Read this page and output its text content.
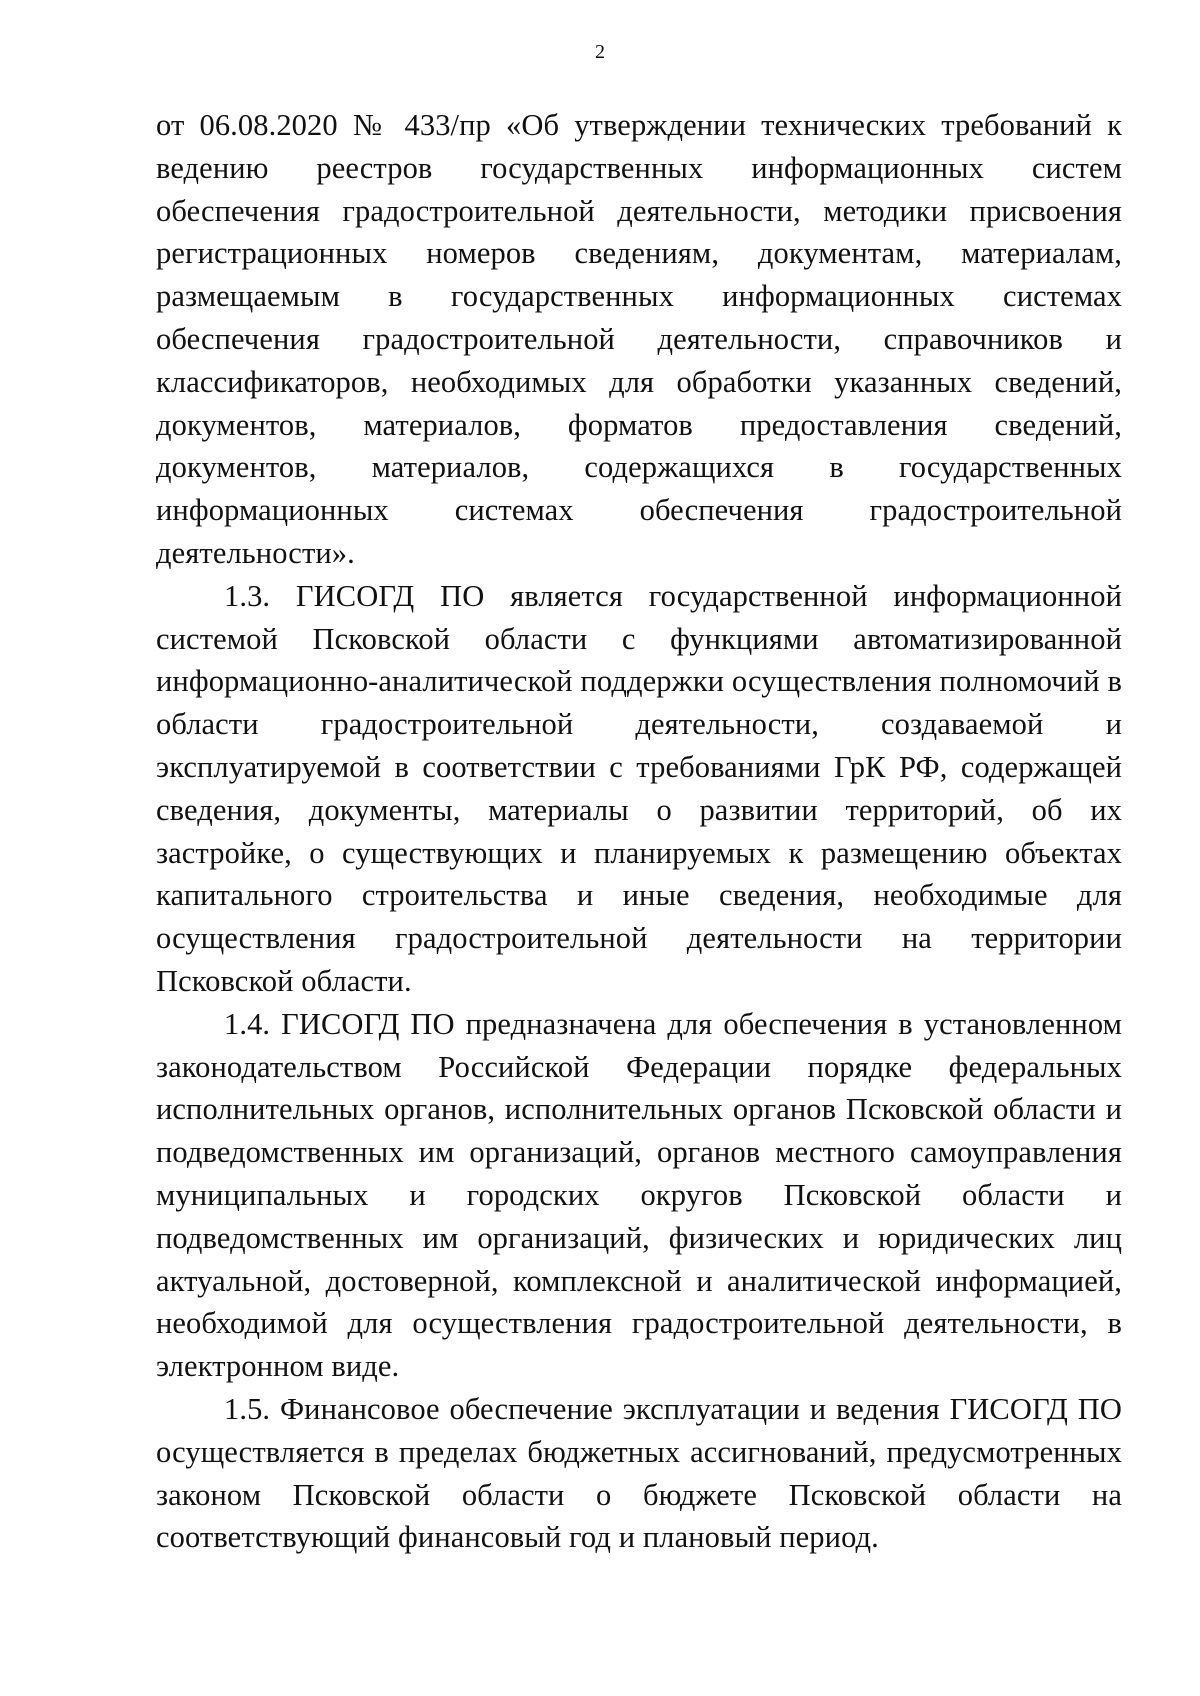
2

от 06.08.2020 № 433/пр «Об утверждении технических требований к ведению реестров государственных информационных систем обеспечения градостроительной деятельности, методики присвоения регистрационных номеров сведениям, документам, материалам, размещаемым в государственных информационных системах обеспечения градостроительной деятельности, справочников и классификаторов, необходимых для обработки указанных сведений, документов, материалов, форматов предоставления сведений, документов, материалов, содержащихся в государственных информационных системах обеспечения градостроительной деятельности».

1.3. ГИСОГД ПО является государственной информационной системой Псковской области с функциями автоматизированной информационно-аналитической поддержки осуществления полномочий в области градостроительной деятельности, создаваемой и эксплуатируемой в соответствии с требованиями ГрК РФ, содержащей сведения, документы, материалы о развитии территорий, об их застройке, о существующих и планируемых к размещению объектах капитального строительства и иные сведения, необходимые для осуществления градостроительной деятельности на территории Псковской области.

1.4. ГИСОГД ПО предназначена для обеспечения в установленном законодательством Российской Федерации порядке федеральных исполнительных органов, исполнительных органов Псковской области и подведомственных им организаций, органов местного самоуправления муниципальных и городских округов Псковской области и подведомственных им организаций, физических и юридических лиц актуальной, достоверной, комплексной и аналитической информацией, необходимой для осуществления градостроительной деятельности, в электронном виде.

1.5. Финансовое обеспечение эксплуатации и ведения ГИСОГД ПО осуществляется в пределах бюджетных ассигнований, предусмотренных законом Псковской области о бюджете Псковской области на соответствующий финансовый год и плановый период.
